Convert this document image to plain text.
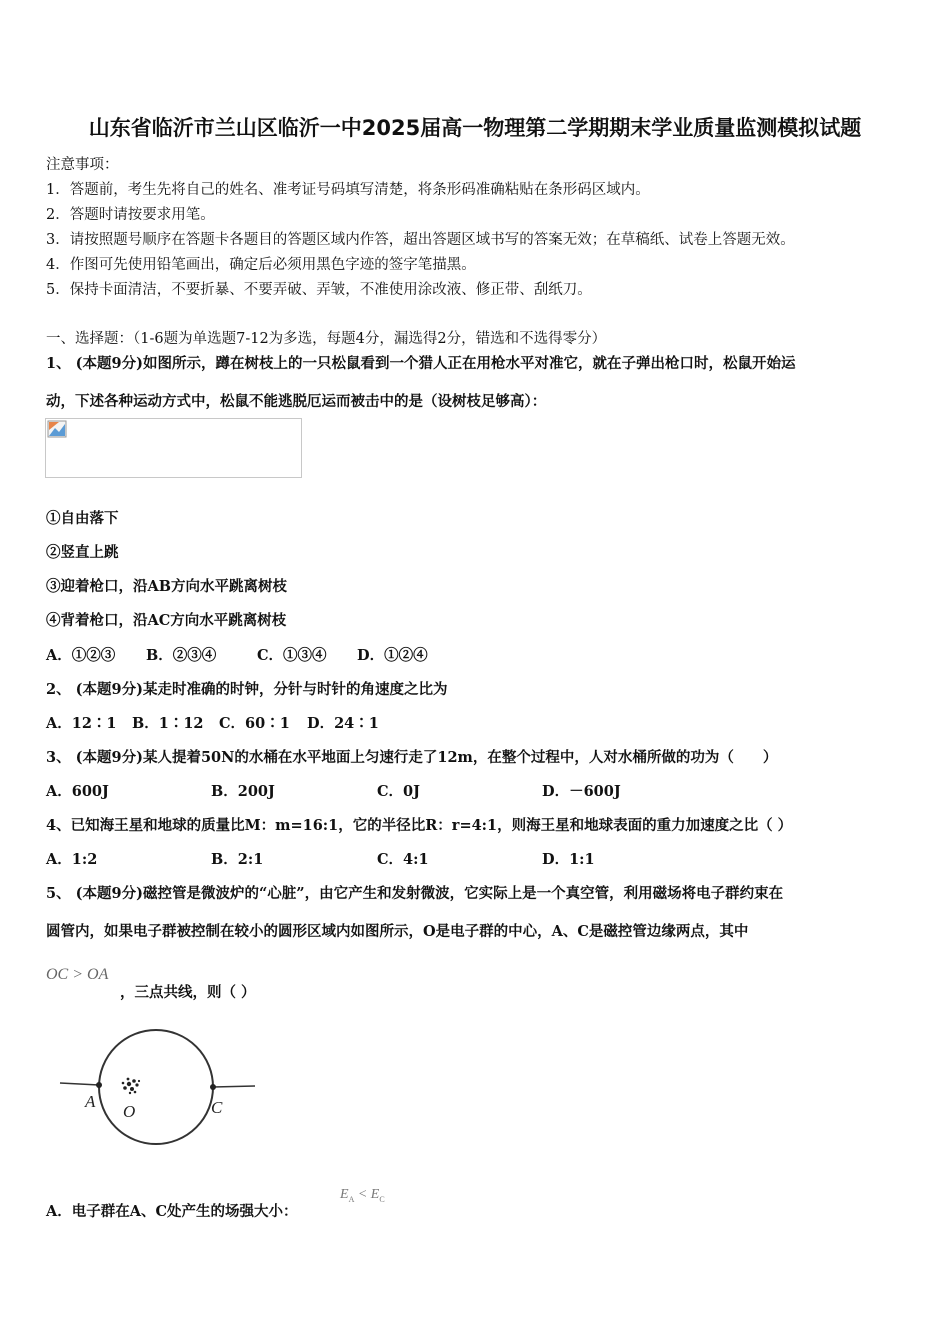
山东省临沂市兰山区临沂一中2025届高一物理第二学期期末学业质量监测模拟试题
注意事项：
1．答题前，考生先将自己的姓名、准考证号码填写清楚，将条形码准确粘贴在条形码区域内。
2．答题时请按要求用笔。
3．请按照题号顺序在答题卡各题目的答题区域内作答，超出答题区域书写的答案无效；在草稿纸、试卷上答题无效。
4．作图可先使用铅笔画出，确定后必须用黑色字迹的签字笔描黑。
5．保持卡面清洁，不要折暴、不要弄破、弄皱，不准使用涂改液、修正带、刮纸刀。
一、选择题：（1-6题为单选题7-12为多选，每题4分，漏选得2分，错选和不选得零分）
1、 (本题9分)如图所示，蹲在树枝上的一只松鼠看到一个猎人正在用枪水平对准它，就在子弹出枪口时，松鼠开始运
动，下述各种运动方式中，松鼠不能逃脱厄运而被击中的是（设树枝足够高）：
①自由落下
②竖直上跳
③迎着枪口，沿AB方向水平跳离树枝
④背着枪口，沿AC方向水平跳离树枝
A．①②③ B．②③④	C．①③④ D．①②④
2、 (本题9分)某走时准确的时钟，分针与时针的角速度之比为
A．12∶1 B．1∶12 C．60∶1 D．24∶1
3、 (本题9分)某人提着50N的水桶在水平地面上匀速行走了12m，在整个过程中，人对水桶所做的功为（　　）
A．600J	B．200J	C．0J	D．－600J
4、已知海王星和地球的质量比M：m=16:1，它的半径比R：r=4:1，则海王星和地球表面的重力加速度之比（ ）
A．1:2	B．2:1	C．4:1	D．1:1
5、 (本题9分)磁控管是微波炉的“心脏”，由它产生和发射微波，它实际上是一个真空管，利用磁场将电子群约束在
圆管内，如果电子群被控制在较小的圆形区域内如图所示，O是电子群的中心，A、C是磁控管边缘两点，其中
OC > OA
，三点共线，则（ ）
A
O	C
A．电子群在A、C处产生的场强大小：
$E_A < E_C$
